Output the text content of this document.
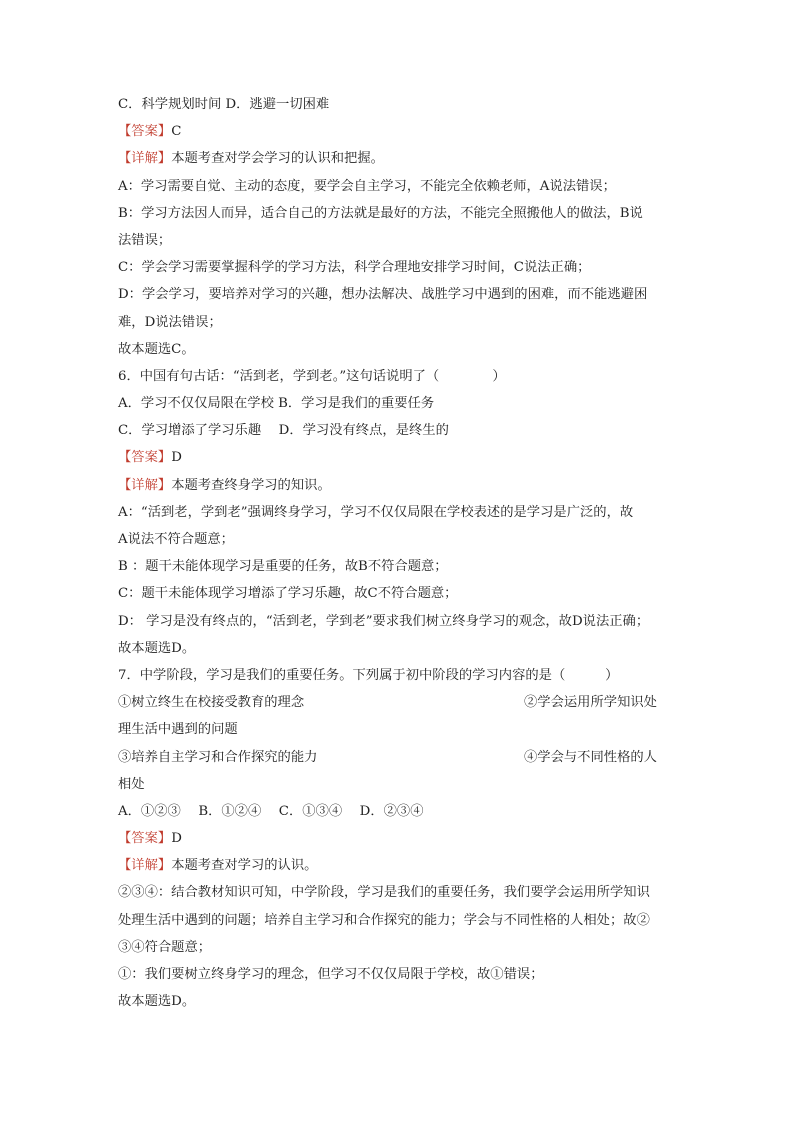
C．科学规划时间 D．逃避一切困难
【答案】C
【详解】本题考查对学会学习的认识和把握。
A：学习需要自觉、主动的态度，要学会自主学习，不能完全依赖老师，A说法错误；
B：学习方法因人而异，适合自己的方法就是最好的方法，不能完全照搬他人的做法，B说
法错误；
C：学会学习需要掌握科学的学习方法，科学合理地安排学习时间，C说法正确；
D：学会学习，要培养对学习的兴趣，想办法解决、战胜学习中遇到的困难，而不能逃避困
难，D说法错误；
故本题选C。
6．中国有句古话：“活到老，学到老。”这句话说明了（　　　　）
A．学习不仅仅局限在学校 B．学习是我们的重要任务
C．学习增添了学习乐趣　 D．学习没有终点，是终生的
【答案】D
【详解】本题考查终身学习的知识。
A：“活到老，学到老”强调终身学习，学习不仅仅局限在学校表述的是学习是广泛的，故
A说法不符合题意；
B ：题干未能体现学习是重要的任务，故B不符合题意；
C：题干未能体现学习增添了学习乐趣，故C不符合题意；
D： 学习是没有终点的，“活到老，学到老”要求我们树立终身学习的观念，故D说法正确；
故本题选D。
7．中学阶段，学习是我们的重要任务。下列属于初中阶段的学习内容的是（　　　）
①树立终生在校接受教育的理念	②学会运用所学知识处
理生活中遇到的问题
③培养自主学习和合作探究的能力	④学会与不同性格的人
相处
A．①②③　 B．①②④　 C．①③④　 D．②③④
【答案】D
【详解】本题考查对学习的认识。
②③④：结合教材知识可知，中学阶段，学习是我们的重要任务，我们要学会运用所学知识
处理生活中遇到的问题；培养自主学习和合作探究的能力；学会与不同性格的人相处；故②
③④符合题意；
①：我们要树立终身学习的理念，但学习不仅仅局限于学校，故①错误；
故本题选D。
